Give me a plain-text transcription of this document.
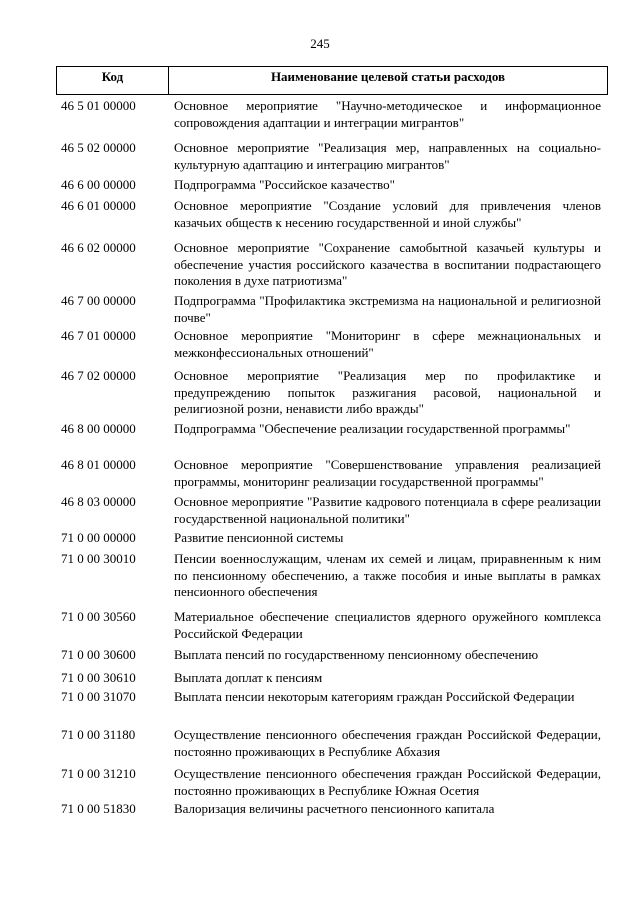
245
Код	Наименование целевой статьи расходов
46 5 01 00000	Основное мероприятие "Научно-методическое и информационное сопровождения адаптации и интеграции мигрантов"
46 5 02 00000	Основное мероприятие "Реализация мер, направленных на социально-культурную адаптацию и интеграцию мигрантов"
46 6 00 00000	Подпрограмма "Российское казачество"
46 6 01 00000	Основное мероприятие "Создание условий для привлечения членов казачьих обществ к несению государственной и иной службы"
46 6 02 00000	Основное мероприятие "Сохранение самобытной казачьей культуры и обеспечение участия российского казачества в воспитании подрастающего поколения в духе патриотизма"
46 7 00 00000	Подпрограмма "Профилактика экстремизма на национальной и религиозной почве"
46 7 01 00000	Основное мероприятие "Мониторинг в сфере межнациональных и межконфессиональных отношений"
46 7 02 00000	Основное мероприятие "Реализация мер по профилактике и предупреждению попыток разжигания расовой, национальной и религиозной розни, ненависти либо вражды"
46 8 00 00000	Подпрограмма "Обеспечение реализации государственной программы"
46 8 01 00000	Основное мероприятие "Совершенствование управления реализацией программы, мониторинг реализации государственной программы"
46 8 03 00000	Основное мероприятие "Развитие кадрового потенциала в сфере реализации государственной национальной политики"
71 0 00 00000	Развитие пенсионной системы
71 0 00 30010	Пенсии военнослужащим, членам их семей и лицам, приравненным к ним по пенсионному обеспечению, а также пособия и иные выплаты в рамках пенсионного обеспечения
71 0 00 30560	Материальное обеспечение специалистов ядерного оружейного комплекса Российской Федерации
71 0 00 30600	Выплата пенсий по государственному пенсионному обеспечению
71 0 00 30610	Выплата доплат к пенсиям
71 0 00 31070	Выплата пенсии некоторым категориям граждан Российской Федерации
71 0 00 31180	Осуществление пенсионного обеспечения граждан Российской Федерации, постоянно проживающих в Республике Абхазия
71 0 00 31210	Осуществление пенсионного обеспечения граждан Российской Федерации, постоянно проживающих в Республике Южная Осетия
71 0 00 51830	Валоризация величины расчетного пенсионного капитала
